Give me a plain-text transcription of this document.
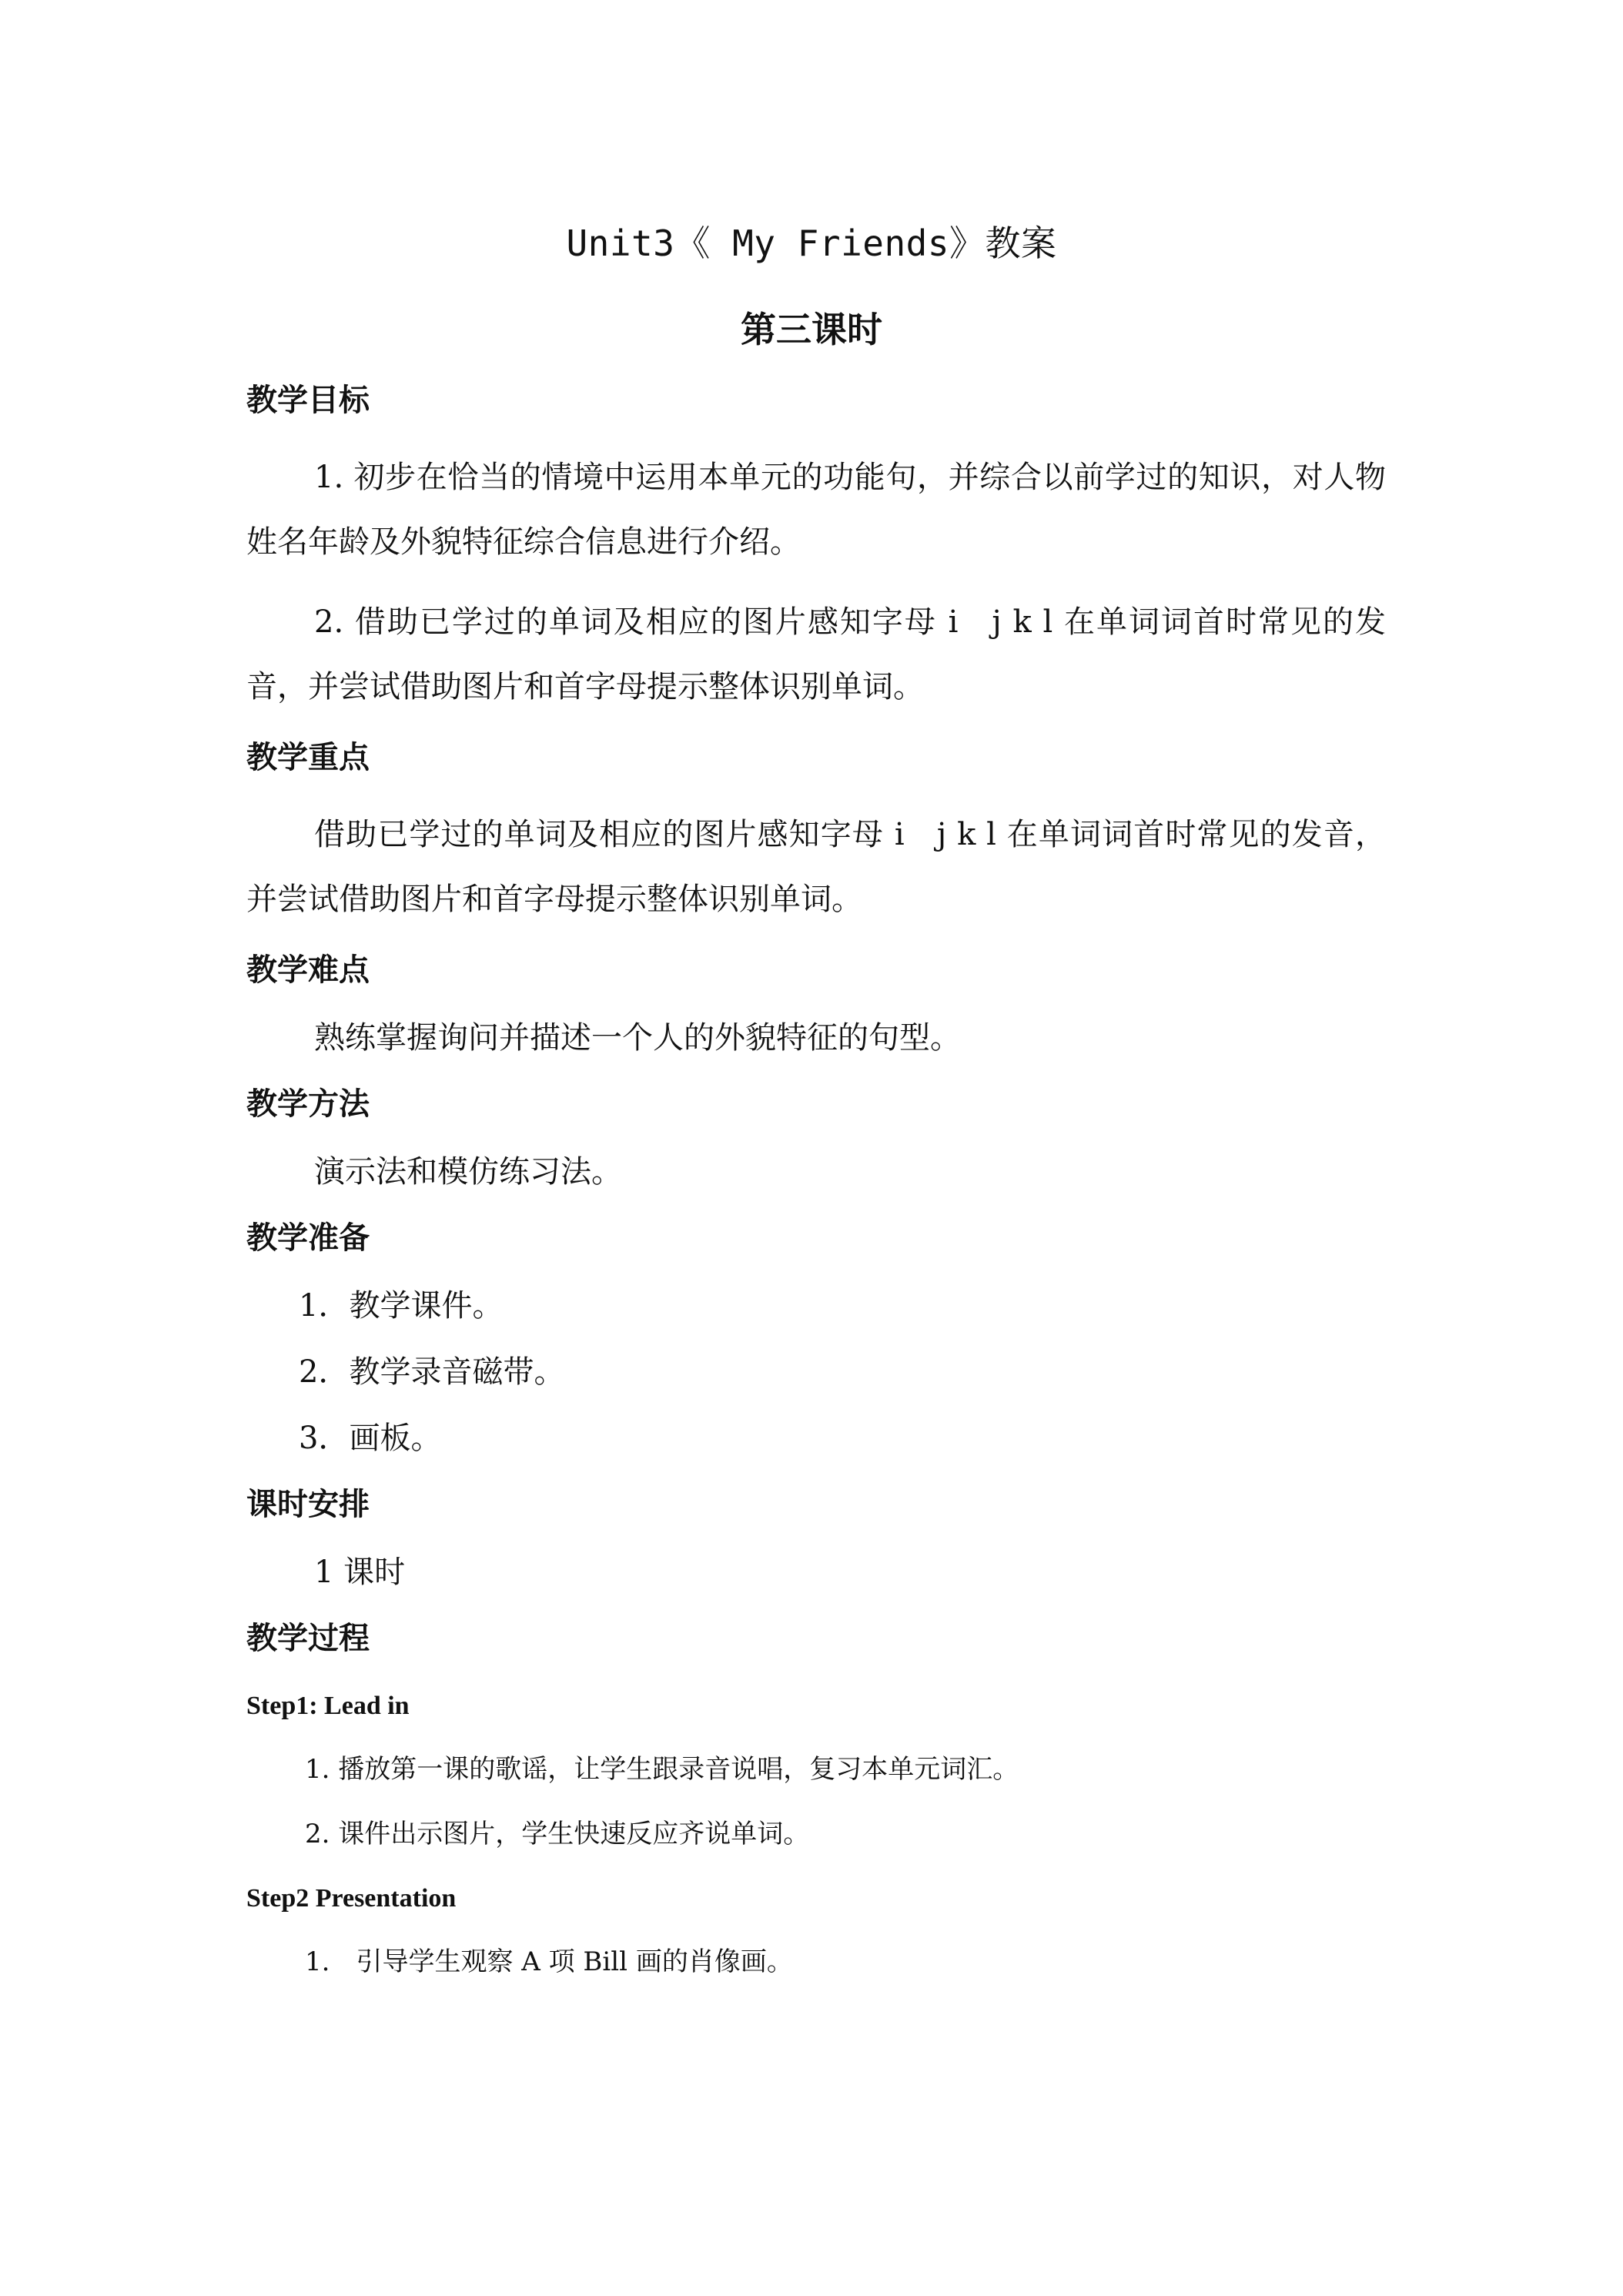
Unit3《 My Friends》教案
第三课时
教学目标
1. 初步在恰当的情境中运用本单元的功能句，并综合以前学过的知识，对人物姓名年龄及外貌特征综合信息进行介绍。
2. 借助已学过的单词及相应的图片感知字母 i　j k l 在单词词首时常见的发音，并尝试借助图片和首字母提示整体识别单词。
教学重点
借助已学过的单词及相应的图片感知字母 i　j k l 在单词词首时常见的发音，并尝试借助图片和首字母提示整体识别单词。
教学难点
熟练掌握询问并描述一个人的外貌特征的句型。
教学方法
演示法和模仿练习法。
教学准备
1．教学课件。
2．教学录音磁带。
3．画板。
课时安排
1 课时
教学过程
Step1: Lead in
1. 播放第一课的歌谣，让学生跟录音说唱，复习本单元词汇。
2. 课件出示图片，学生快速反应齐说单词。
Step2 Presentation
1.　引导学生观察 A 项 Bill 画的肖像画。
